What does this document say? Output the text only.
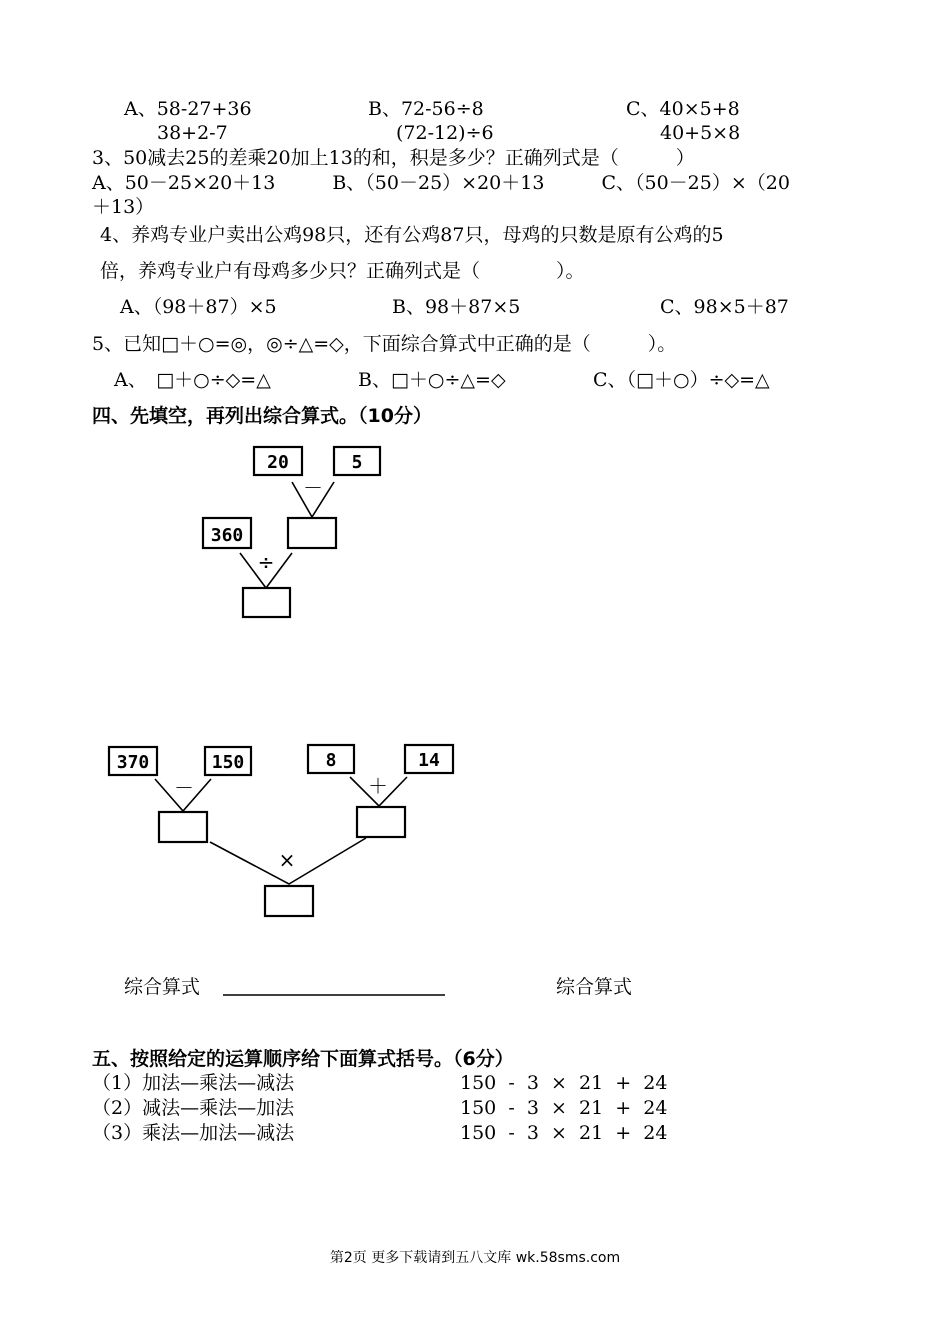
A、58-27+36	B、72-56÷8	C、40×5+8
38+2-7	(72-12)÷6	40+5×8
3、50减去25的差乘20加上13的和，积是多少？正确列式是（　　　）
A、50－25×20＋13　　　B、（50－25）×20＋13　　　C、（50－25）×（20
＋13）
4、养鸡专业户卖出公鸡98只，还有公鸡87只，母鸡的只数是原有公鸡的5
倍，养鸡专业户有母鸡多少只？正确列式是（　　　　）。
A、（98＋87）×5	B、98＋87×5	C、98×5＋87
5、已知□＋○=◎，◎÷△=◇，下面综合算式中正确的是（　　　）。
A、　□＋○÷◇=△	B、□＋○÷△=◇	C、（□＋○）÷◇=△
四、先填空，再列出综合算式。（10分）
20	5
－
360
÷
370	150
－
8	14
＋
×
综合算式	综合算式
五、按照给定的运算顺序给下面算式括号。（6分）
（1）加法—乘法—减法	150  -  3  ×  21  +  24
（2）减法—乘法—加法	150  -  3  ×  21  +  24
（3）乘法—加法—减法	150  -  3  ×  21  +  24
第2页 更多下载请到五八文库 wk.58sms.com
